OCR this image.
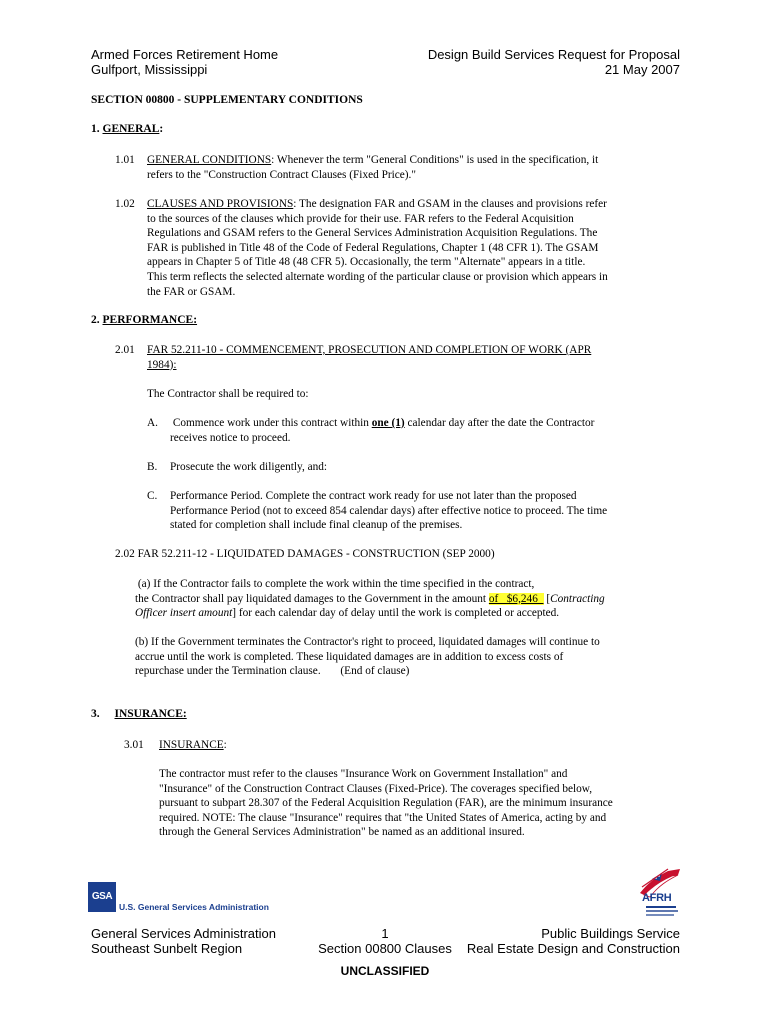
Armed Forces Retirement Home
Gulfport, Mississippi
Design Build Services Request for Proposal
21 May 2007
SECTION 00800 - SUPPLEMENTARY CONDITIONS
1. GENERAL:
1.01 GENERAL CONDITIONS: Whenever the term "General Conditions" is used in the specification, it
refers to the "Construction Contract Clauses (Fixed Price)."
1.02 CLAUSES AND PROVISIONS: The designation FAR and GSAM in the clauses and provisions refer
to the sources of the clauses which provide for their use. FAR refers to the Federal Acquisition
Regulations and GSAM refers to the General Services Administration Acquisition Regulations. The
FAR is published in Title 48 of the Code of Federal Regulations, Chapter 1 (48 CFR 1). The GSAM
appears in Chapter 5 of Title 48 (48 CFR 5). Occasionally, the term "Alternate" appears in a title.
This term reflects the selected alternate wording of the particular clause or provision which appears in
the FAR or GSAM.
2. PERFORMANCE:
2.01 FAR 52.211-10 - COMMENCEMENT, PROSECUTION AND COMPLETION OF WORK (APR
1984):
The Contractor shall be required to:
A. Commence work under this contract within one (1) calendar day after the date the Contractor
receives notice to proceed.
B. Prosecute the work diligently, and:
C. Performance Period. Complete the contract work ready for use not later than the proposed
Performance Period (not to exceed 854 calendar days) after effective notice to proceed. The time
stated for completion shall include final cleanup of the premises.
2.02 FAR 52.211-12 - LIQUIDATED DAMAGES - CONSTRUCTION (SEP 2000)
(a) If the Contractor fails to complete the work within the time specified in the contract,
the Contractor shall pay liquidated damages to the Government in the amount of   $6,246   [Contracting
Officer insert amount] for each calendar day of delay until the work is completed or accepted.
(b) If the Government terminates the Contractor's right to proceed, liquidated damages will continue to
accrue until the work is completed. These liquidated damages are in addition to excess costs of
repurchase under the Termination clause.       (End of clause)
3. INSURANCE:
3.01 INSURANCE:
The contractor must refer to the clauses "Insurance Work on Government Installation" and
"Insurance" of the Construction Contract Clauses (Fixed-Price). The coverages specified below,
pursuant to subpart 28.307 of the Federal Acquisition Regulation (FAR), are the minimum insurance
required. NOTE: The clause "Insurance" requires that "the United States of America, acting by and
through the General Services Administration" be named as an additional insured.
GSA
U.S. General Services Administration
AFRH
General Services Administration
Southeast Sunbelt Region
1
Section 00800 Clauses
Public Buildings Service
Real Estate Design and Construction
UNCLASSIFIED
